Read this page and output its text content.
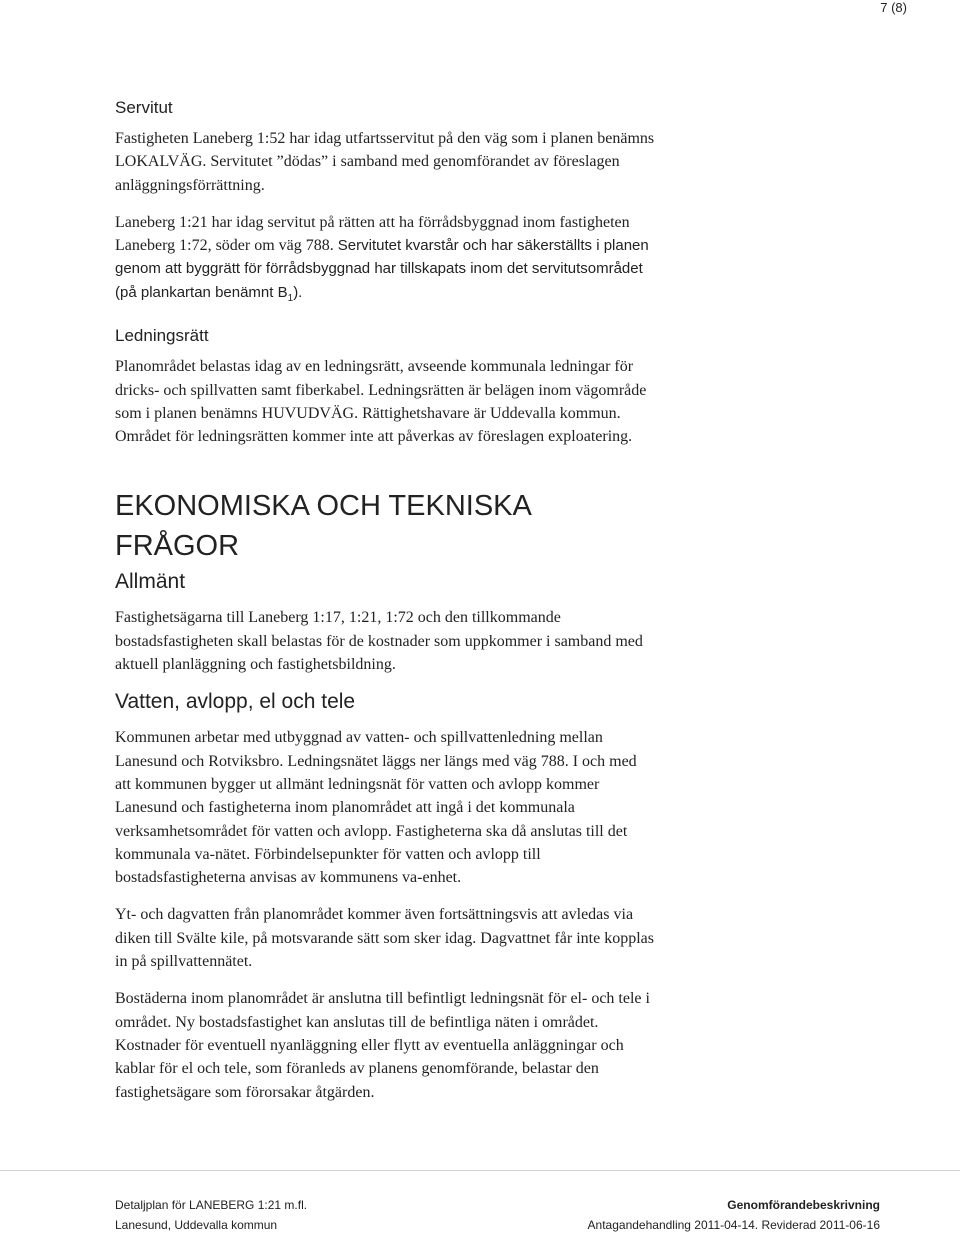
7 (8)
Servitut

Fastigheten Laneberg 1:52 har idag utfartsservitut på den väg som i planen benämns LOKALVÄG. Servitutet ”dödas” i samband med genomförandet av föreslagen anläggningsförrättning.

Laneberg 1:21 har idag servitut på rätten att ha förrådsbyggnad inom fastigheten Laneberg 1:72, söder om väg 788. Servitutet kvarstår och har säkerställts i planen genom att byggrätt för förrådsbyggnad har tillskapats inom det servitutsområdet (på plankartan benämnt $B_1$).

Ledningsrätt

Planområdet belastas idag av en ledningsrätt, avseende kommunala ledningar för dricks- och spillvatten samt fiberkabel. Ledningsrätten är belägen inom vägområde som i planen benämns HUVUDVÄG. Rättighetshavare är Uddevalla kommun. Området för ledningsrätten kommer inte att påverkas av föreslagen exploatering.

EKONOMISKA OCH TEKNISKA
FRÅGOR
Allmänt

Fastighetsägarna till Laneberg 1:17, 1:21, 1:72 och den tillkommande bostadsfastigheten skall belastas för de kostnader som uppkommer i samband med aktuell planläggning och fastighetsbildning.

Vatten, avlopp, el och tele

Kommunen arbetar med utbyggnad av vatten- och spillvattenledning mellan Lanesund och Rotviksbro. Ledningsnätet läggs ner längs med väg 788. I och med att kommunen bygger ut allmänt ledningsnät för vatten och avlopp kommer Lanesund och fastigheterna inom planområdet att ingå i det kommunala verksamhetsområdet för vatten och avlopp. Fastigheterna ska då anslutas till det kommunala va-nätet. Förbindelsepunkter för vatten och avlopp till bostadsfastigheterna anvisas av kommunens va-enhet.

Yt- och dagvatten från planområdet kommer även fortsättningsvis att avledas via diken till Svälte kile, på motsvarande sätt som sker idag. Dagvattnet får inte kopplas in på spillvattennätet.

Bostäderna inom planområdet är anslutna till befintligt ledningsnät för el- och tele i området. Ny bostadsfastighet kan anslutas till de befintliga näten i området. Kostnader för eventuell nyanläggning eller flytt av eventuella anläggningar och kablar för el och tele, som föranleds av planens genomförande, belastar den fastighetsägare som förorsakar åtgärden.

Detaljplan för LANEBERG 1:21 m.fl.	Genomförandebeskrivning
Lanesund, Uddevalla kommun	Antagandehandling 2011-04-14. Reviderad 2011-06-16
